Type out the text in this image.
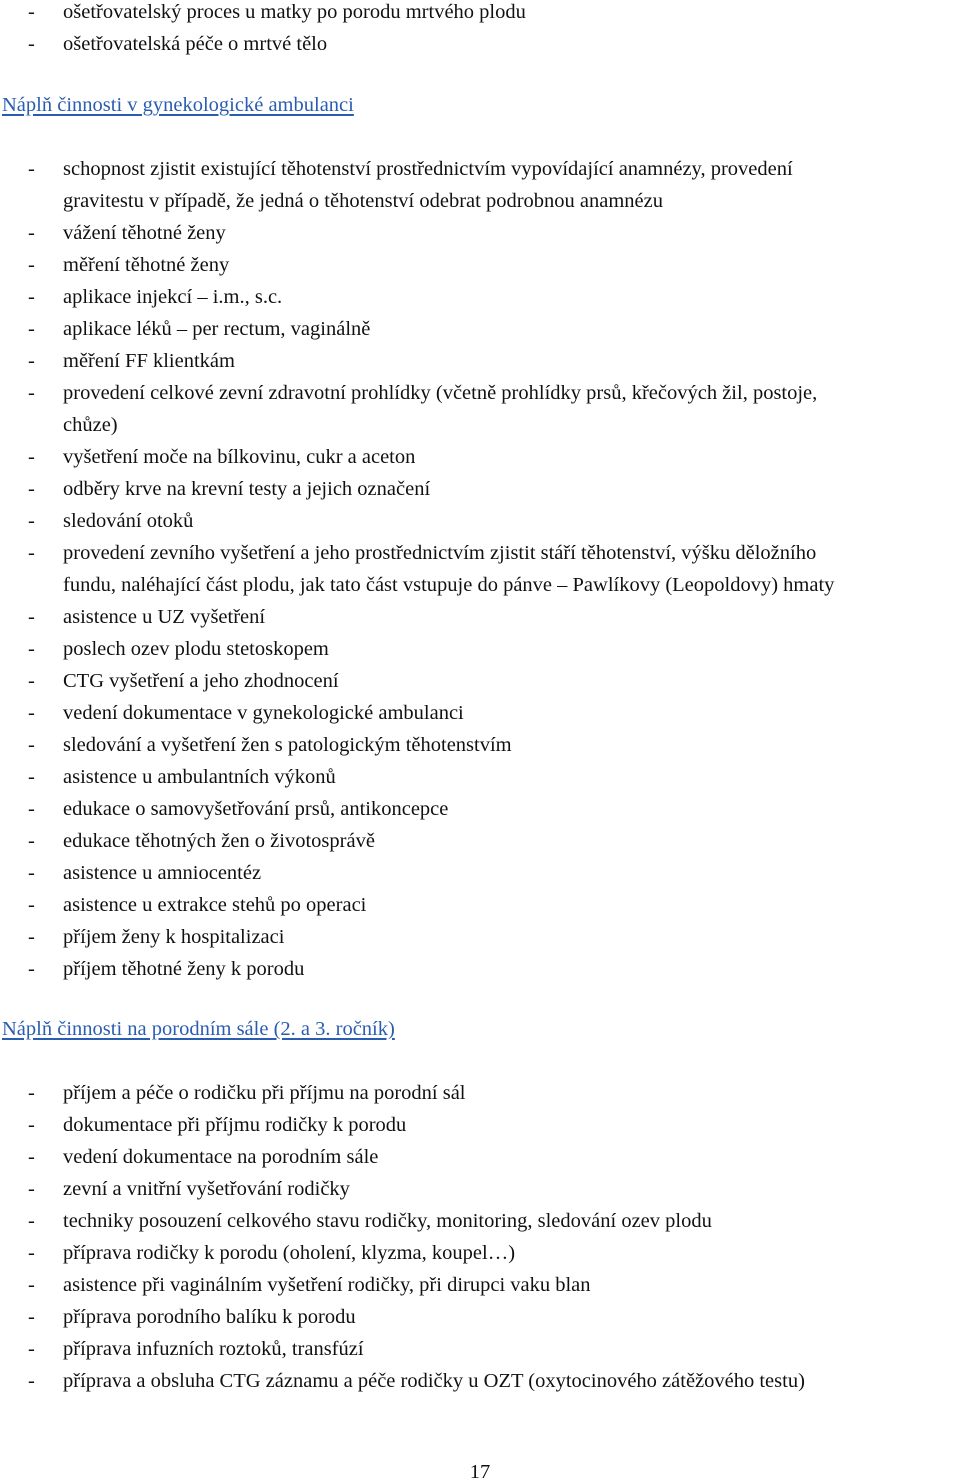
- ošetřovatelský proces u matky po porodu mrtvého plodu
- ošetřovatelská péče o mrtvé tělo
Náplň činnosti v gynekologické ambulanci
- schopnost zjistit existující těhotenství prostřednictvím vypovídající anamnézy, provedení
gravitestu v případě, že jedná o těhotenství odebrat podrobnou anamnézu
- vážení těhotné ženy
- měření těhotné ženy
- aplikace injekcí – i.m., s.c.
- aplikace léků – per rectum, vaginálně
- měření FF klientkám
- provedení celkové zevní zdravotní prohlídky (včetně prohlídky prsů, křečových žil, postoje,
chůze)
- vyšetření moče na bílkovinu, cukr a aceton
- odběry krve na krevní testy a jejich označení
- sledování otoků
- provedení zevního vyšetření a jeho prostřednictvím zjistit stáří těhotenství, výšku děložního
fundu, naléhající část plodu, jak tato část vstupuje do pánve – Pawlíkovy (Leopoldovy) hmaty
- asistence u UZ vyšetření
- poslech ozev plodu stetoskopem
- CTG vyšetření a jeho zhodnocení
- vedení dokumentace v gynekologické ambulanci
- sledování a vyšetření žen s patologickým těhotenstvím
- asistence u ambulantních výkonů
- edukace o samovyšetřování prsů, antikoncepce
- edukace těhotných žen o životosprávě
- asistence u amniocentéz
- asistence u extrakce stehů po operaci
- příjem ženy k hospitalizaci
- příjem těhotné ženy k porodu
Náplň činnosti na porodním sále (2. a 3. ročník)
- příjem a péče o rodičku při příjmu na porodní sál
- dokumentace při příjmu rodičky k porodu
- vedení dokumentace na porodním sále
- zevní a vnitřní vyšetřování rodičky
- techniky posouzení celkového stavu rodičky, monitoring, sledování ozev plodu
- příprava rodičky k porodu (oholení, klyzma, koupel…)
- asistence při vaginálním vyšetření rodičky, při dirupci vaku blan
- příprava porodního balíku k porodu
- příprava infuzních roztoků, transfúzí
- příprava a obsluha CTG záznamu a péče rodičky u OZT (oxytocinového zátěžového testu)
17
